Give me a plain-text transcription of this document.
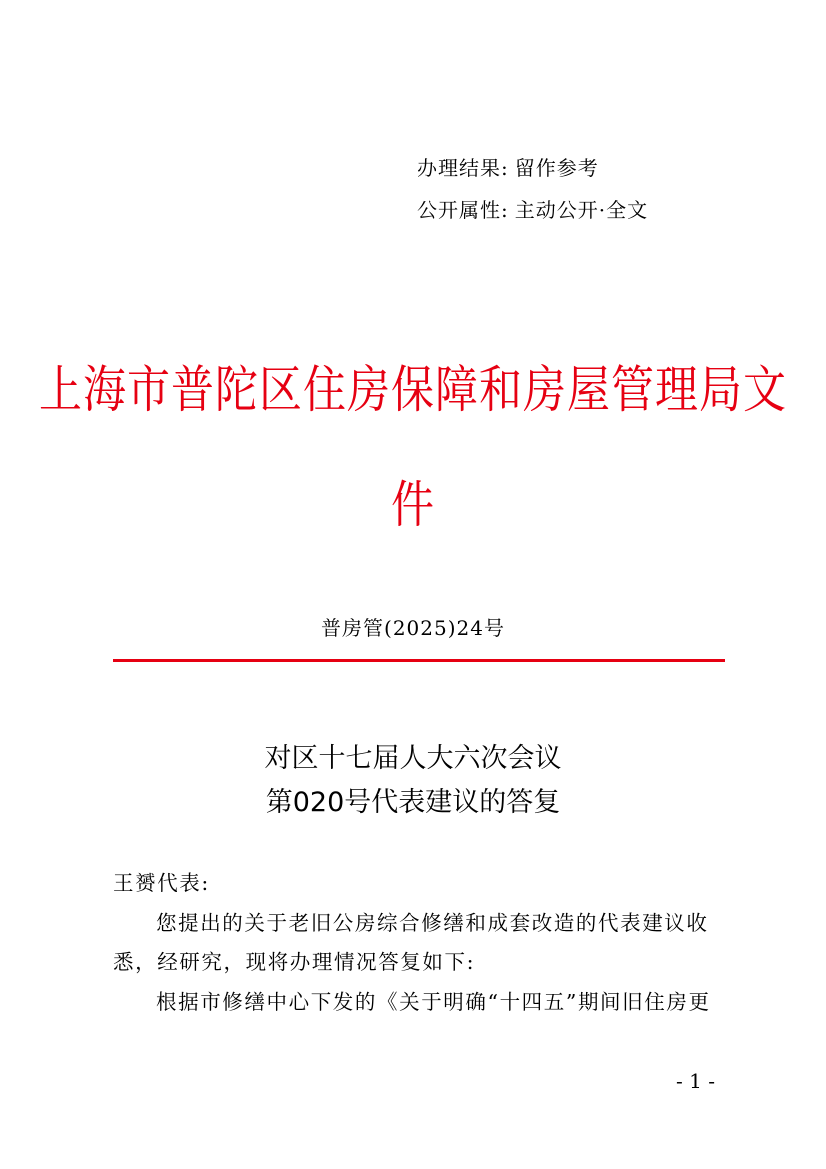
办理结果: 留作参考
公开属性: 主动公开·全文
上海市普陀区住房保障和房屋管理局文
件
普房管(2025)24号
对区十七届人大六次会议
第020号代表建议的答复
王赟代表:
您提出的关于老旧公房综合修缮和成套改造的代表建议收
悉，经研究，现将办理情况答复如下:
根据市修缮中心下发的《关于明确“十四五”期间旧住房更
- 1 -
